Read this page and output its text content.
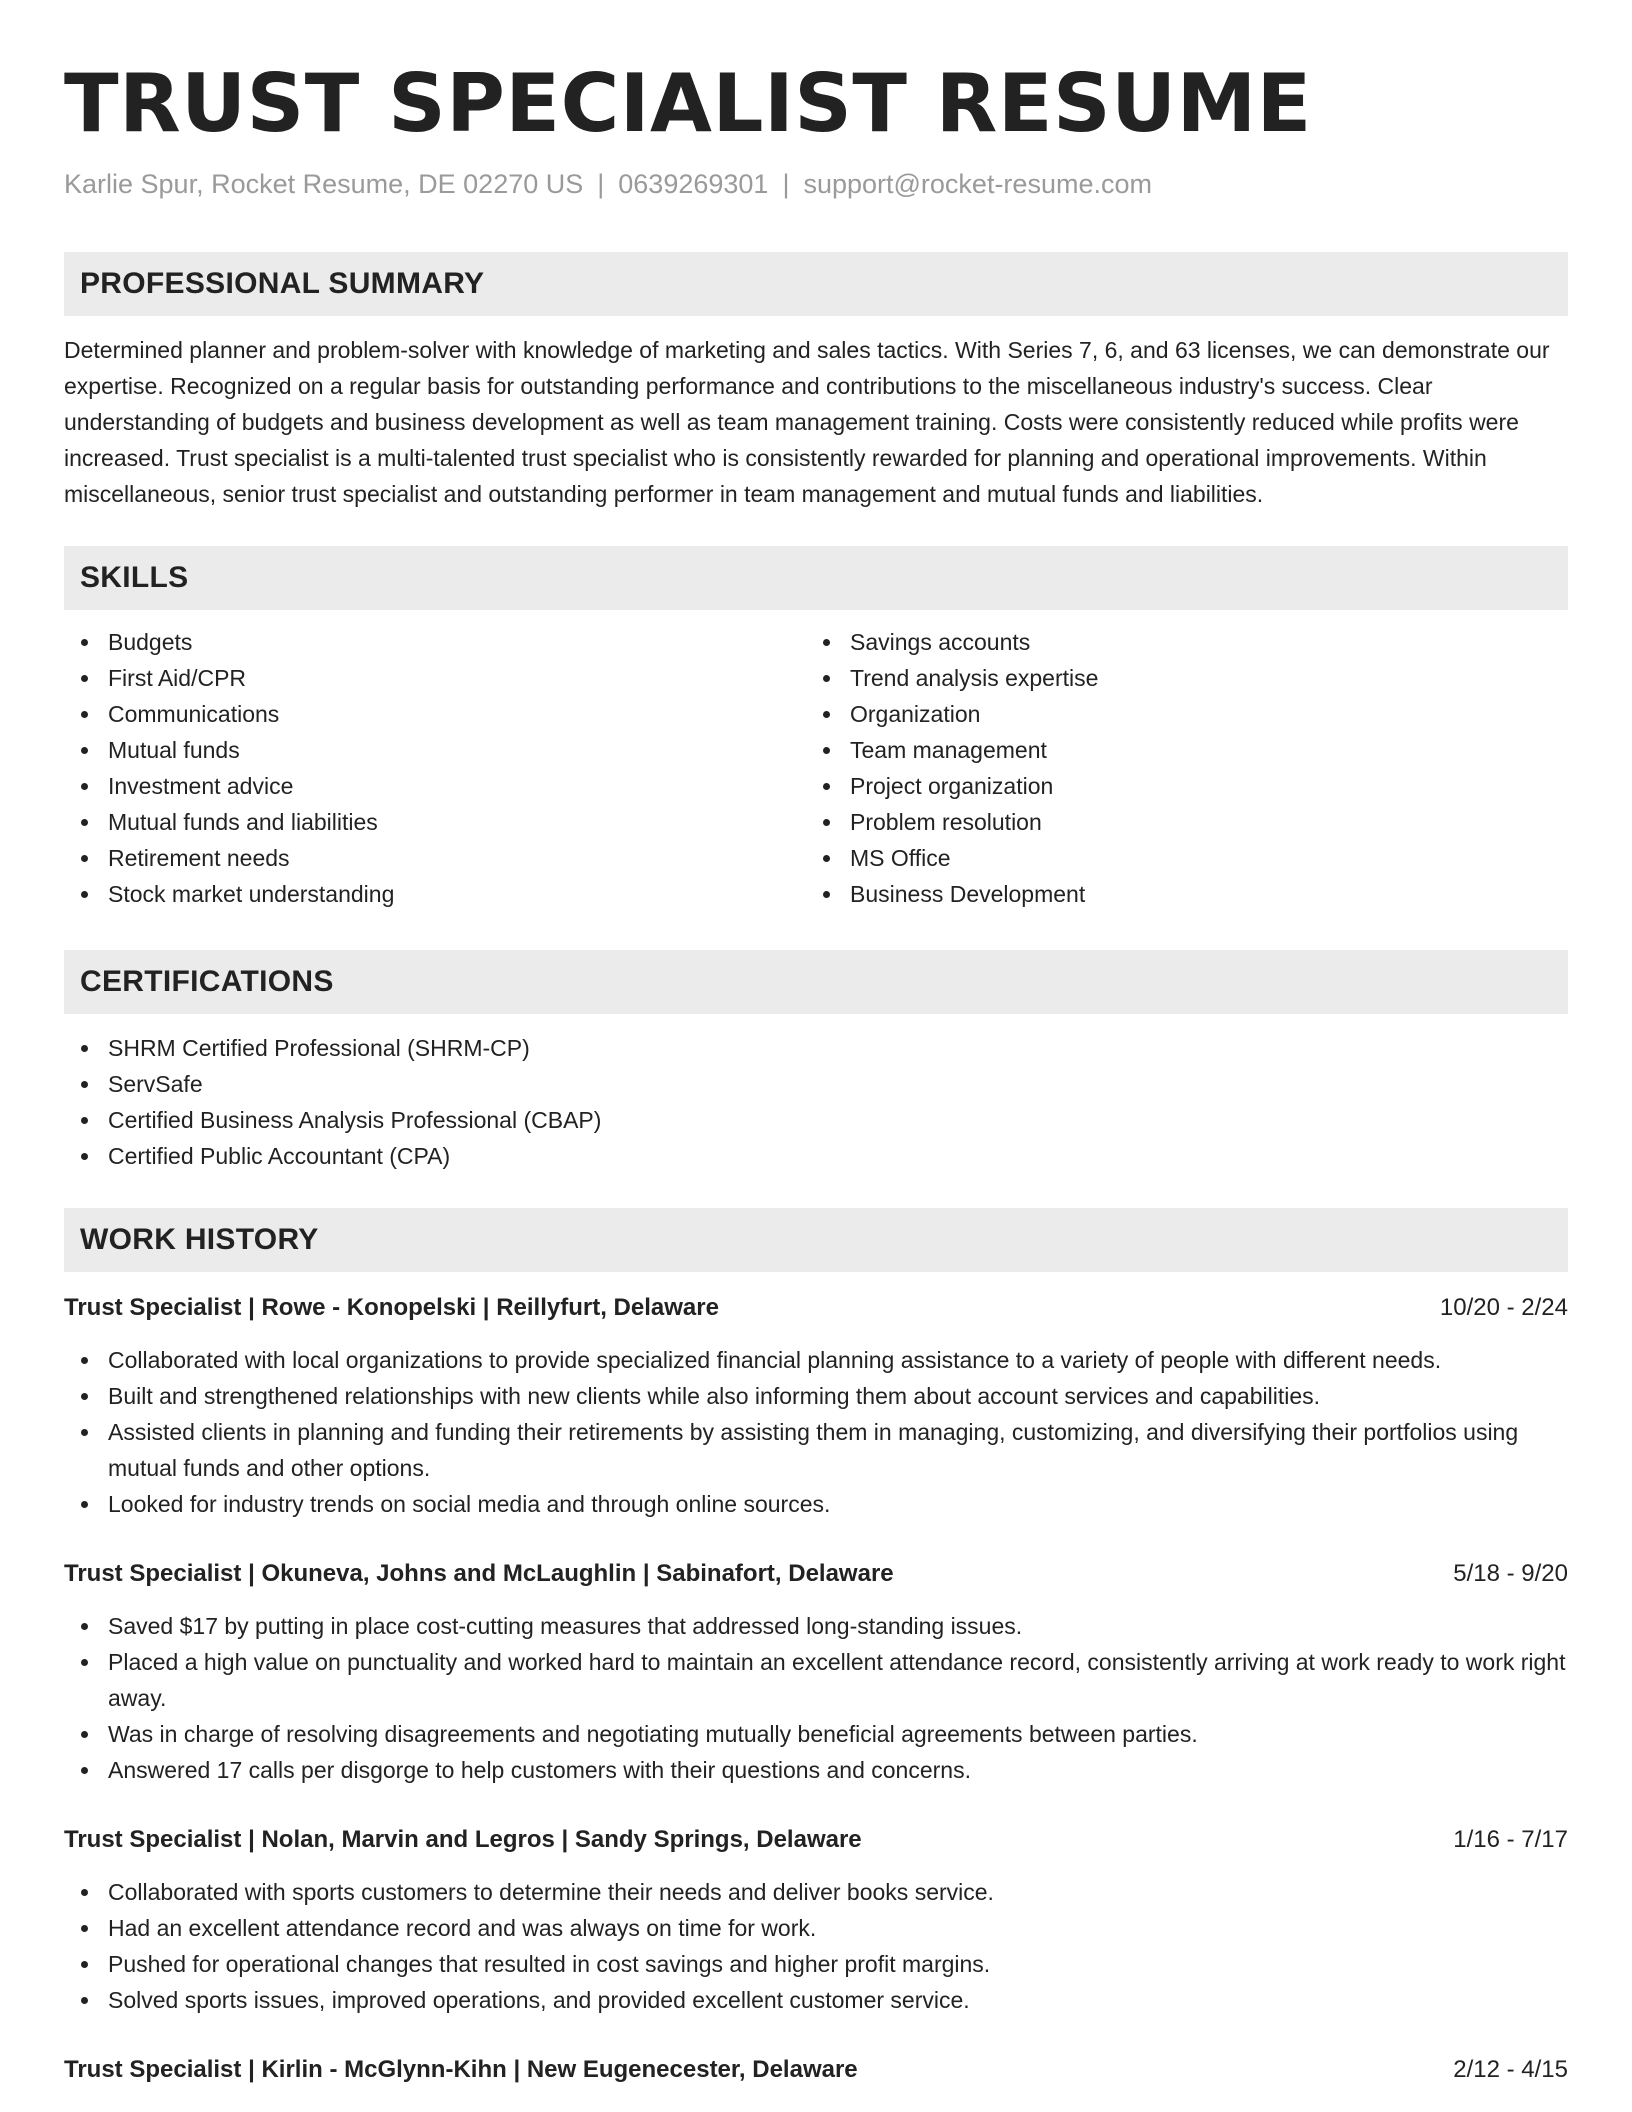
TRUST SPECIALIST RESUME
Karlie Spur, Rocket Resume, DE 02270 US | 0639269301 | support@rocket-resume.com
PROFESSIONAL SUMMARY

Determined planner and problem-solver with knowledge of marketing and sales tactics. With Series 7, 6, and 63 licenses, we can demonstrate our expertise. Recognized on a regular basis for outstanding performance and contributions to the miscellaneous industry's success. Clear understanding of budgets and business development as well as team management training. Costs were consistently reduced while profits were increased. Trust specialist is a multi-talented trust specialist who is consistently rewarded for planning and operational improvements. Within miscellaneous, senior trust specialist and outstanding performer in team management and mutual funds and liabilities.

SKILLS
Budgets
First Aid/CPR
Communications
Mutual funds
Investment advice
Mutual funds and liabilities
Retirement needs
Stock market understanding
Savings accounts
Trend analysis expertise
Organization
Team management
Project organization
Problem resolution
MS Office
Business Development
CERTIFICATIONS
SHRM Certified Professional (SHRM-CP)
ServSafe
Certified Business Analysis Professional (CBAP)
Certified Public Accountant (CPA)
WORK HISTORY
Trust Specialist | Rowe - Konopelski | Reillyfurt, Delaware	10/20 - 2/24
Collaborated with local organizations to provide specialized financial planning assistance to a variety of people with different needs.
Built and strengthened relationships with new clients while also informing them about account services and capabilities.
Assisted clients in planning and funding their retirements by assisting them in managing, customizing, and diversifying their portfolios using mutual funds and other options.
Looked for industry trends on social media and through online sources.
Trust Specialist | Okuneva, Johns and McLaughlin | Sabinafort, Delaware	5/18 - 9/20
Saved $17 by putting in place cost-cutting measures that addressed long-standing issues.
Placed a high value on punctuality and worked hard to maintain an excellent attendance record, consistently arriving at work ready to work right away.
Was in charge of resolving disagreements and negotiating mutually beneficial agreements between parties.
Answered 17 calls per disgorge to help customers with their questions and concerns.
Trust Specialist | Nolan, Marvin and Legros | Sandy Springs, Delaware	1/16 - 7/17
Collaborated with sports customers to determine their needs and deliver books service.
Had an excellent attendance record and was always on time for work.
Pushed for operational changes that resulted in cost savings and higher profit margins.
Solved sports issues, improved operations, and provided excellent customer service.
Trust Specialist | Kirlin - McGlynn-Kihn | New Eugenecester, Delaware	2/12 - 4/15
